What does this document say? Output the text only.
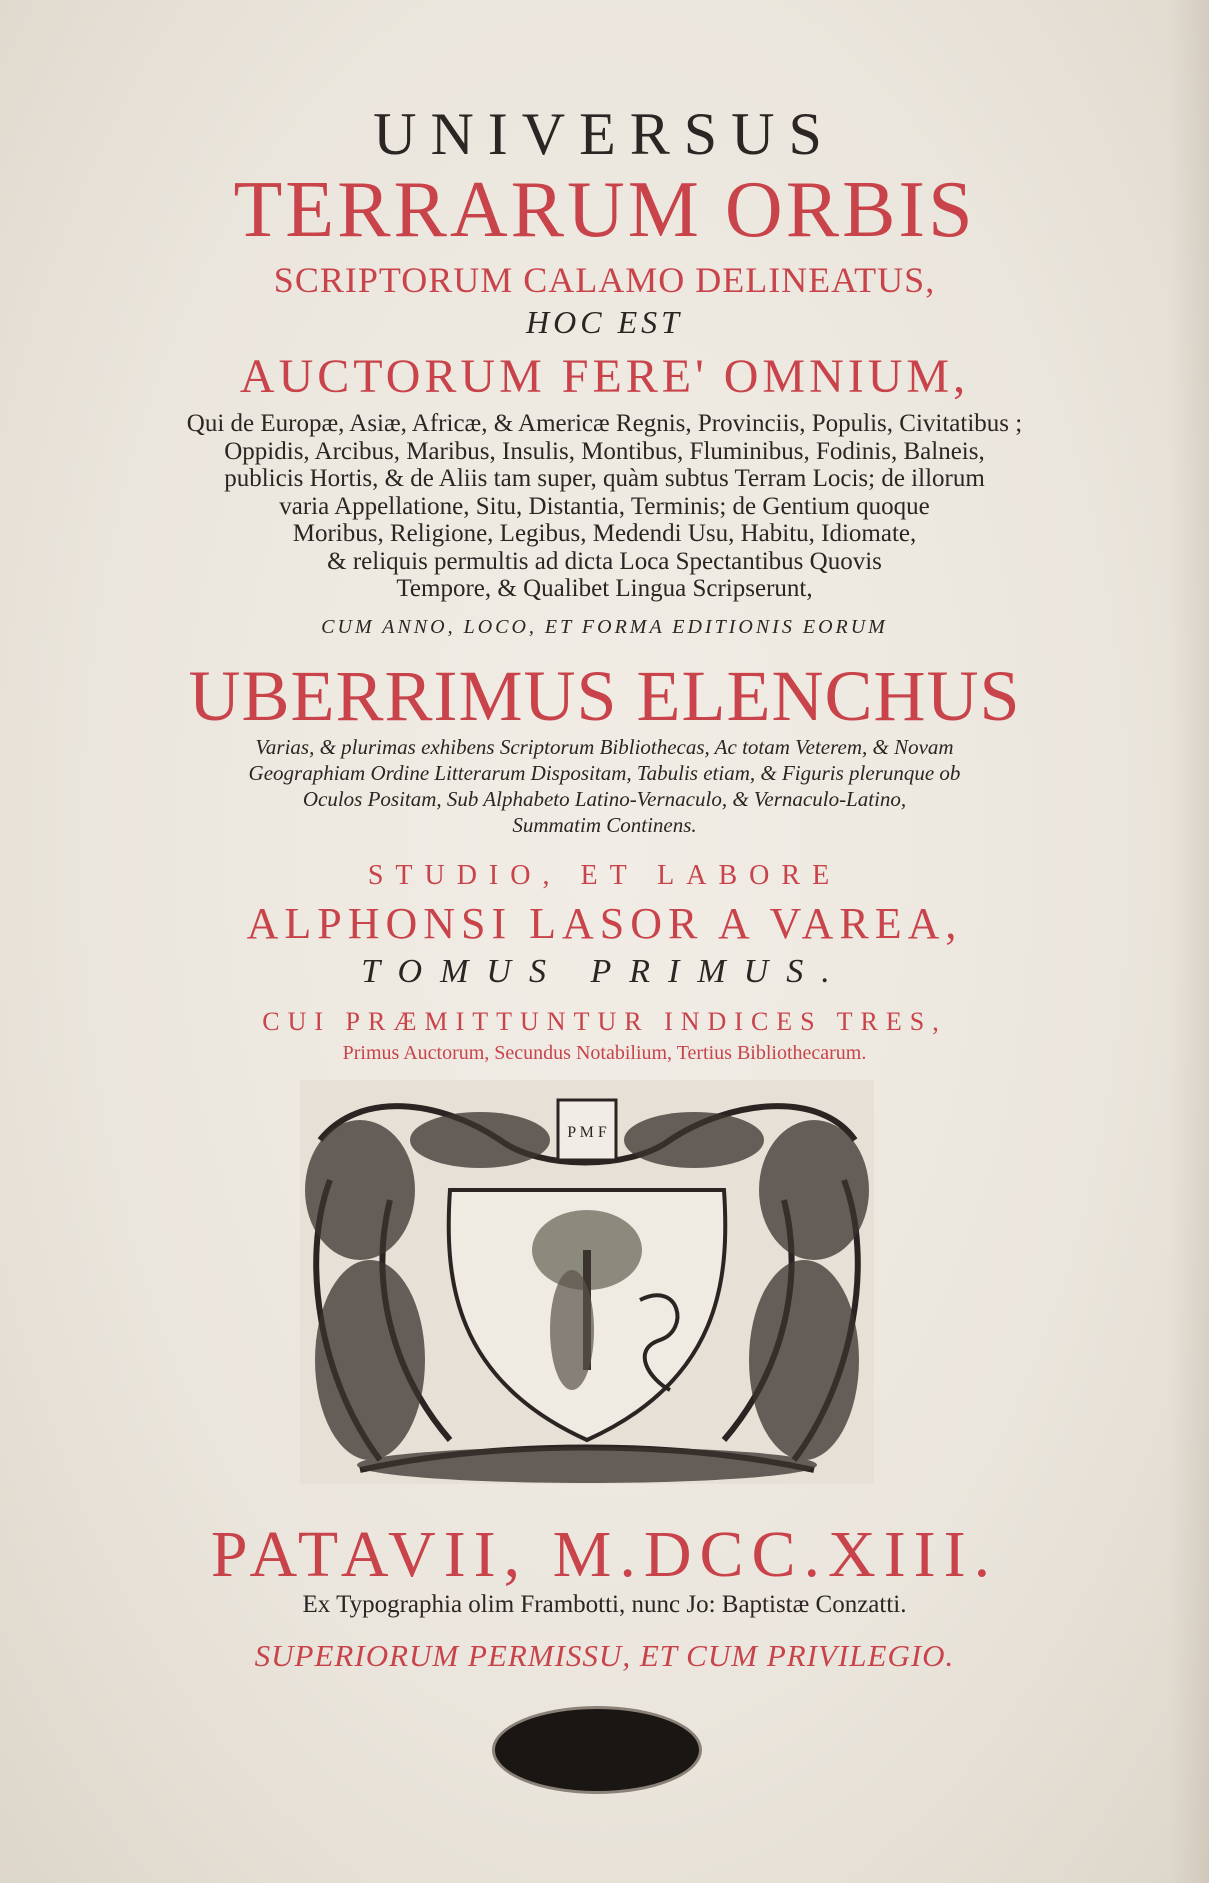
UNIVERSUS
TERRARUM ORBIS
SCRIPTORUM CALAMO DELINEATUS,
HOC EST
AUCTORUM FERE' OMNIUM,
Qui de Europæ, Asiæ, Africæ, & Americæ Regnis, Provinciis, Populis, Civitatibus ;
Oppidis, Arcibus, Maribus, Insulis, Montibus, Fluminibus, Fodinis, Balneis,
publicis Hortis, & de Aliis tam super, quàm subtus Terram Locis; de illorum
varia Appellatione, Situ, Distantia, Terminis; de Gentium quoque
Moribus, Religione, Legibus, Medendi Usu, Habitu, Idiomate,
& reliquis permultis ad dicta Loca Spectantibus Quovis
Tempore, & Qualibet Lingua Scripserunt,
CUM ANNO, LOCO, ET FORMA EDITIONIS EORUM
UBERRIMUS ELENCHUS
Varias, & plurimas exhibens Scriptorum Bibliothecas, Ac totam Veterem, & Novam
Geographiam Ordine Litterarum Dispositam, Tabulis etiam, & Figuris plerunque ob
Oculos Positam, Sub Alphabeto Latino-Vernaculo, & Vernaculo-Latino,
Summatim Continens.
STUDIO, ET LABORE
ALPHONSI LASOR A VAREA,
TOMUS PRIMUS.
CUI PRÆMITTUNTUR INDICES TRES,
Primus Auctorum, Secundus Notabilium, Tertius Bibliothecarum.
P M F
PATAVII, M.DCC.XIII.
Ex Typographia olim Frambotti, nunc Jo: Baptistæ Conzatti.
SUPERIORUM PERMISSU, ET CUM PRIVILEGIO.
